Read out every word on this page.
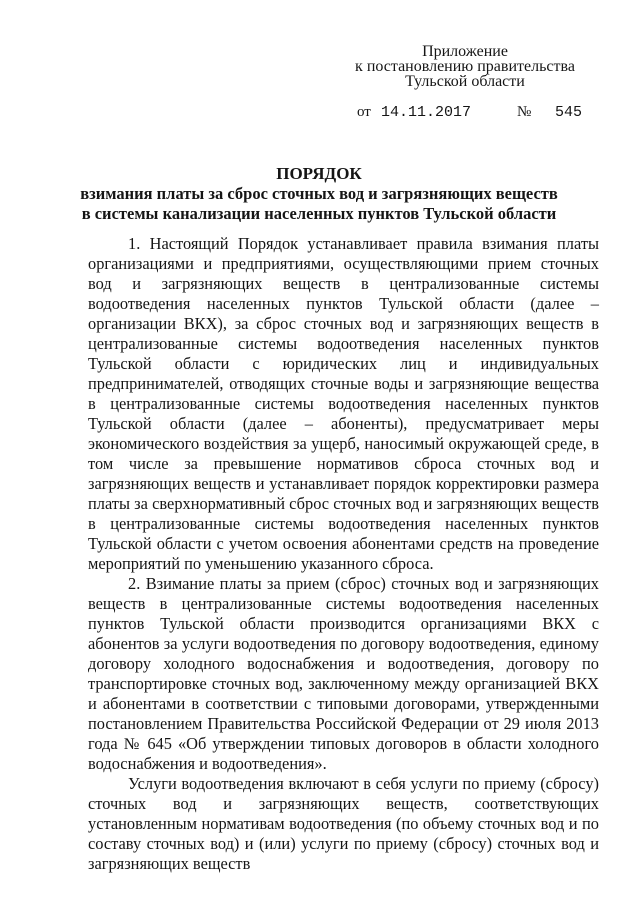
Приложение
к постановлению правительства
Тульской области
от 14.11.2017	№ 545
ПОРЯДОК
взимания платы за сброс сточных вод и загрязняющих веществ
в системы канализации населенных пунктов Тульской области

1. Настоящий Порядок устанавливает правила взимания платы организациями и предприятиями, осуществляющими прием сточных вод и загрязняющих веществ в централизованные системы водоотведения населенных пунктов Тульской области (далее – организации ВКХ), за сброс сточных вод и загрязняющих веществ в централизованные системы водоотведения населенных пунктов Тульской области с юридических лиц и индивидуальных предпринимателей, отводящих сточные воды и загрязняющие вещества в централизованные системы водоотведения населенных пунктов Тульской области (далее – абоненты), предусматривает меры экономического воздействия за ущерб, наносимый окружающей среде, в том числе за превышение нормативов сброса сточных вод и загрязняющих веществ и устанавливает порядок корректировки размера платы за сверхнормативный сброс сточных вод и загрязняющих веществ в централизованные системы водоотведения населенных пунктов Тульской области с учетом освоения абонентами средств на проведение мероприятий по уменьшению указанного сброса.

2. Взимание платы за прием (сброс) сточных вод и загрязняющих веществ в централизованные системы водоотведения населенных пунктов Тульской области производится организациями ВКХ с абонентов за услуги водоотведения по договору водоотведения, единому договору холодного водоснабжения и водоотведения, договору по транспортировке сточных вод, заключенному между организацией ВКХ и абонентами в соответствии с типовыми договорами, утвержденными постановлением Правительства Российской Федерации от 29 июля 2013 года № 645 «Об утверждении типовых договоров в области холодного водоснабжения и водоотведения».

Услуги водоотведения включают в себя услуги по приему (сбросу) сточных вод и загрязняющих веществ, соответствующих установленным нормативам водоотведения (по объему сточных вод и по составу сточных вод) и (или) услуги по приему (сбросу) сточных вод и загрязняющих веществ
